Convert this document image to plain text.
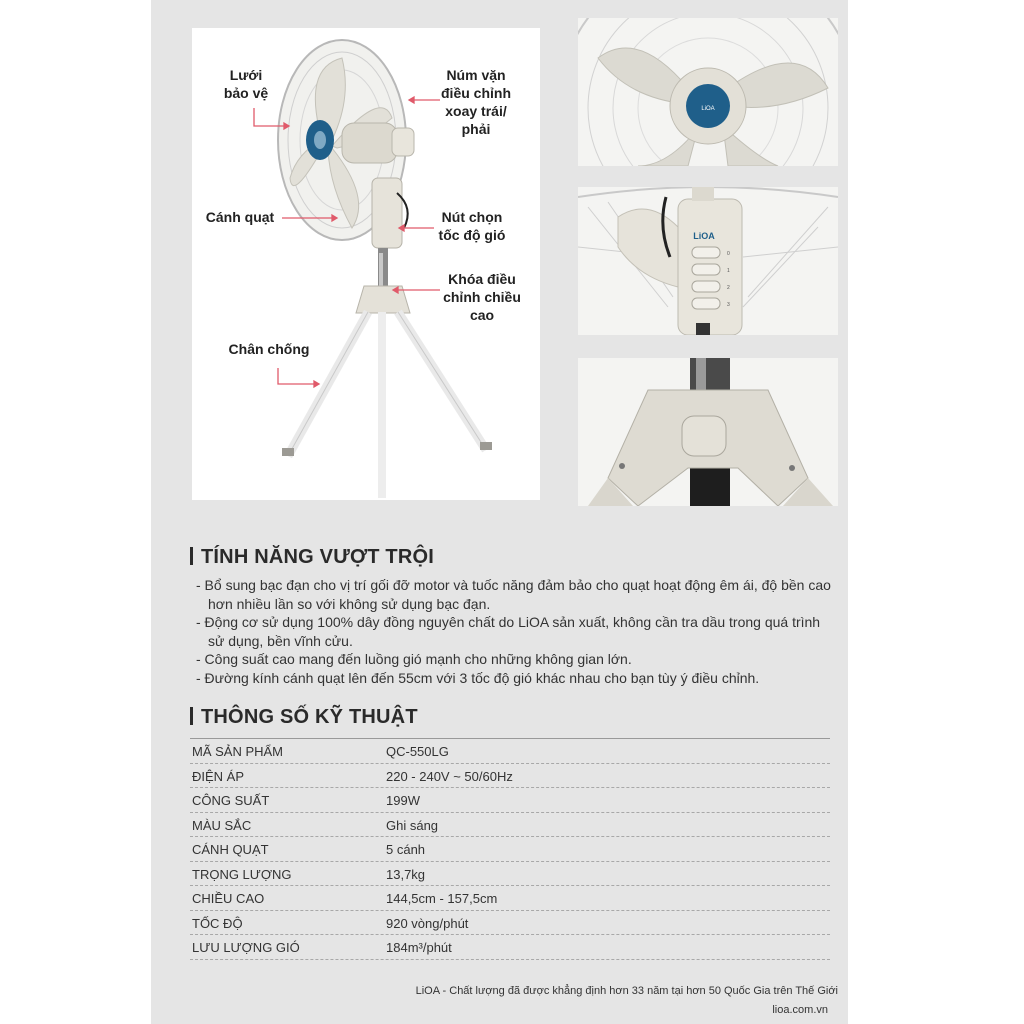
Lưới
bảo vệ
Núm vặn
điều chỉnh
xoay trái/
phải
Cánh quạt	Nút chọn
tốc độ gió
Khóa điều
chỉnh chiều
cao
Chân chống
LiOA
LiOA
0
1
2
3
TÍNH NĂNG VƯỢT TRỘI
- Bổ sung bạc đạn cho vị trí gối đỡ motor và tuốc năng đảm bảo cho quạt hoạt động êm ái, độ bền cao hơn nhiều lần so với không sử dụng bạc đạn.
- Động cơ sử dụng 100% dây đồng nguyên chất do LiOA sản xuất, không cần tra dầu trong quá trình sử dụng, bền vĩnh cửu.
- Công suất cao mang đến luồng gió mạnh cho những không gian lớn.
- Đường kính cánh quạt lên đến 55cm với 3 tốc độ gió khác nhau cho bạn tùy ý điều chỉnh.
THÔNG SỐ KỸ THUẬT
MÃ SẢN PHẨM	QC-550LG
ĐIỆN ÁP	220 - 240V ~ 50/60Hz
CÔNG SUẤT	199W
MÀU SẮC	Ghi sáng
CÁNH QUẠT	5 cánh
TRỌNG LƯỢNG	13,7kg
CHIỀU CAO	144,5cm - 157,5cm
TỐC ĐỘ	920 vòng/phút
LƯU LƯỢNG GIÓ	184m³/phút
LiOA - Chất lượng đã được khẳng định hơn 33 năm tại hơn 50 Quốc Gia trên Thế Giới
lioa.com.vn
